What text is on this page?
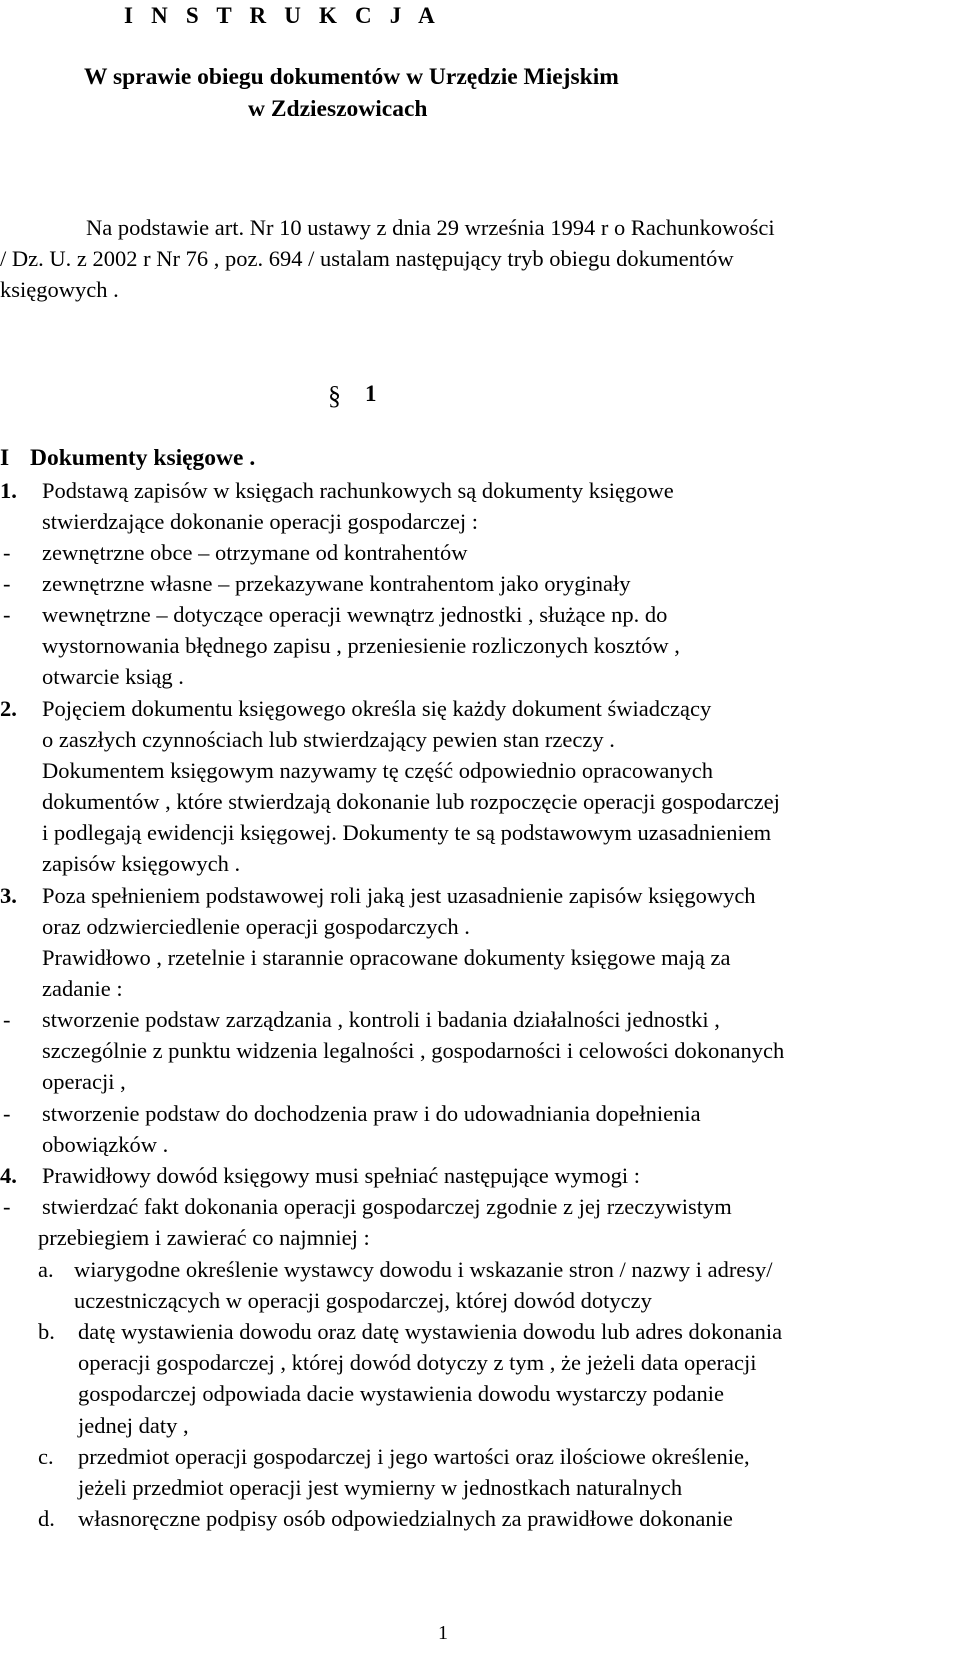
I N S T R U K C J A
W sprawie obiegu dokumentów w Urzędzie Miejskim
w Zdzieszowicach
Na podstawie art. Nr 10 ustawy z dnia 29 września 1994 r o Rachunkowości
/ Dz. U. z 2002 r Nr 76 , poz. 694 / ustalam następujący tryb obiegu dokumentów
księgowych .
§ 1
I Dokumenty księgowe .
1. Podstawą zapisów w księgach rachunkowych są dokumenty księgowe
stwierdzające dokonanie operacji gospodarczej :
- zewnętrzne obce – otrzymane od kontrahentów
- zewnętrzne własne – przekazywane kontrahentom jako oryginały
- wewnętrzne – dotyczące operacji wewnątrz jednostki , służące np. do
wystornowania błędnego zapisu , przeniesienie rozliczonych kosztów ,
otwarcie ksiąg .
2. Pojęciem dokumentu księgowego określa się każdy dokument świadczący
o zaszłych czynnościach lub stwierdzający pewien stan rzeczy .
Dokumentem księgowym nazywamy tę część odpowiednio opracowanych
dokumentów , które stwierdzają dokonanie lub rozpoczęcie operacji gospodarczej
i podlegają ewidencji księgowej. Dokumenty te są podstawowym uzasadnieniem
zapisów księgowych .
3. Poza spełnieniem podstawowej roli jaką jest uzasadnienie zapisów księgowych
oraz odzwierciedlenie operacji gospodarczych .
Prawidłowo , rzetelnie i starannie opracowane dokumenty księgowe mają za
zadanie :
- stworzenie podstaw zarządzania , kontroli i badania działalności jednostki ,
szczególnie z punktu widzenia legalności , gospodarności i celowości dokonanych
operacji ,
- stworzenie podstaw do dochodzenia praw i do udowadniania dopełnienia
obowiązków .
4. Prawidłowy dowód księgowy musi spełniać następujące wymogi :
- stwierdzać fakt dokonania operacji gospodarczej zgodnie z jej rzeczywistym
przebiegiem i zawierać co najmniej :
a. wiarygodne określenie wystawcy dowodu i wskazanie stron / nazwy i adresy/
uczestniczących w operacji gospodarczej, której dowód dotyczy
b. datę wystawienia dowodu oraz datę wystawienia dowodu lub adres dokonania
operacji gospodarczej , której dowód dotyczy z tym , że jeżeli data operacji
gospodarczej odpowiada dacie wystawienia dowodu wystarczy podanie
jednej daty ,
c. przedmiot operacji gospodarczej i jego wartości oraz ilościowe określenie,
jeżeli przedmiot operacji jest wymierny w jednostkach naturalnych
d. własnoręczne podpisy osób odpowiedzialnych za prawidłowe dokonanie
1
